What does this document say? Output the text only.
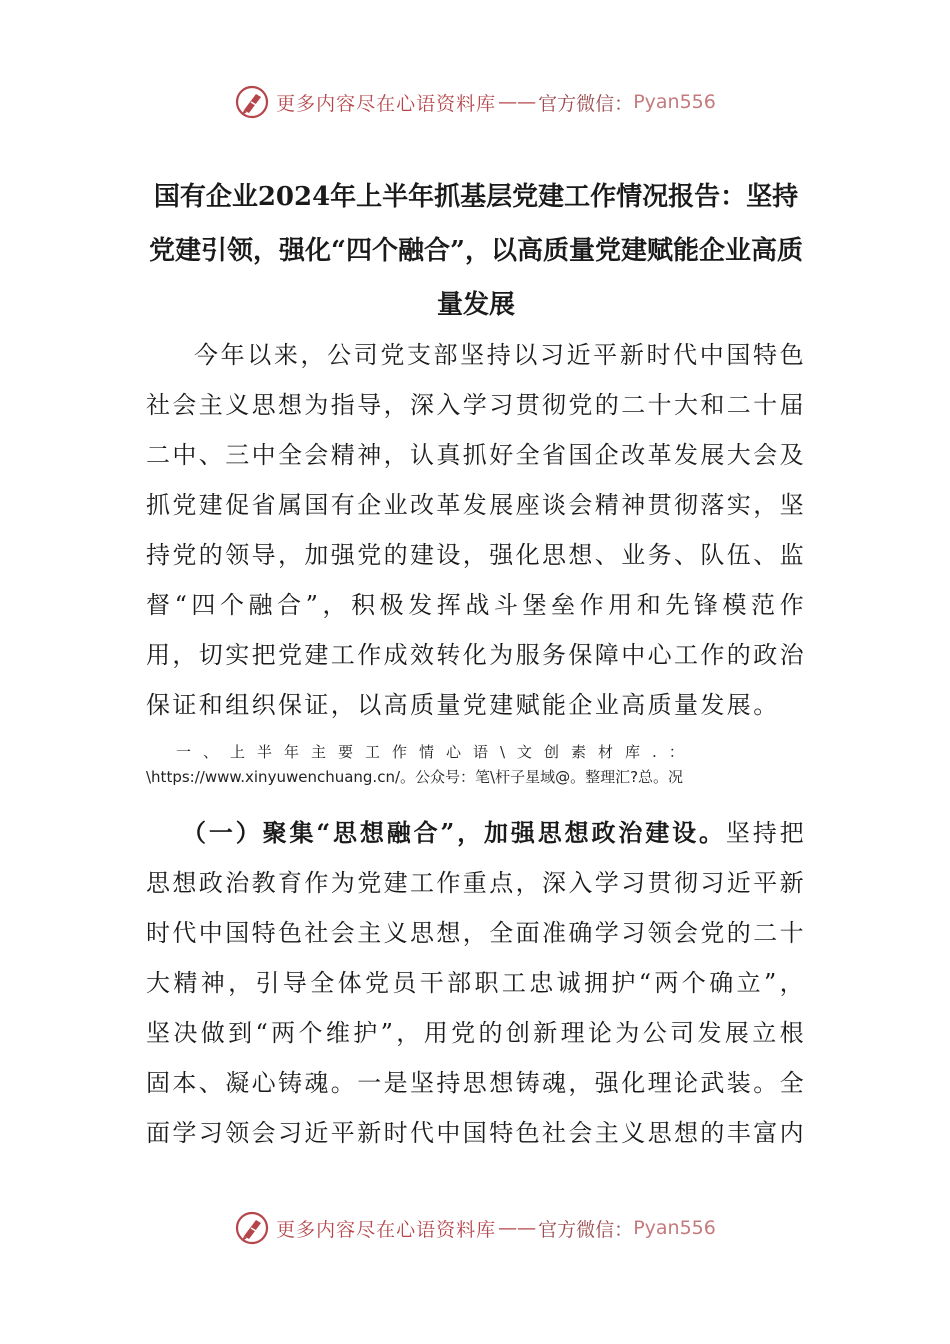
更多内容尽在心语资料库 —— 官方微信： Pyan556
国有企业2024年上半年抓基层党建工作情况报告：坚持党建引领，强化“四个融合”，以高质量党建赋能企业高质量发展

今年以来，公司党支部坚持以习近平新时代中国特色社会主义思想为指导，深入学习贯彻党的二十大和二十届二中、三中全会精神，认真抓好全省国企改革发展大会及抓党建促省属国有企业改革发展座谈会精神贯彻落实，坚持党的领导，加强党的建设，强化思想、业务、队伍、监督“四个融合”，积极发挥战斗堡垒作用和先锋模范作用，切实把党建工作成效转化为服务保障中心工作的政治保证和组织保证，以高质量党建赋能企业高质量发展。

一、上半年主要工作情心语\文创素材库.：\https://www.xinyuwenchuang.cn/。公众号：笔\杆子星域@。整理汇?总。况

（一）聚集“思想融合”，加强思想政治建设。坚持把思想政治教育作为党建工作重点，深入学习贯彻习近平新时代中国特色社会主义思想，全面准确学习领会党的二十大精神，引导全体党员干部职工忠诚拥护“两个确立”，坚决做到“两个维护”，用党的创新理论为公司发展立根固本、凝心铸魂。一是坚持思想铸魂，强化理论武装。全面学习领会习近平新时代中国特色社会主义思想的丰富内

更多内容尽在心语资料库 —— 官方微信： Pyan556
